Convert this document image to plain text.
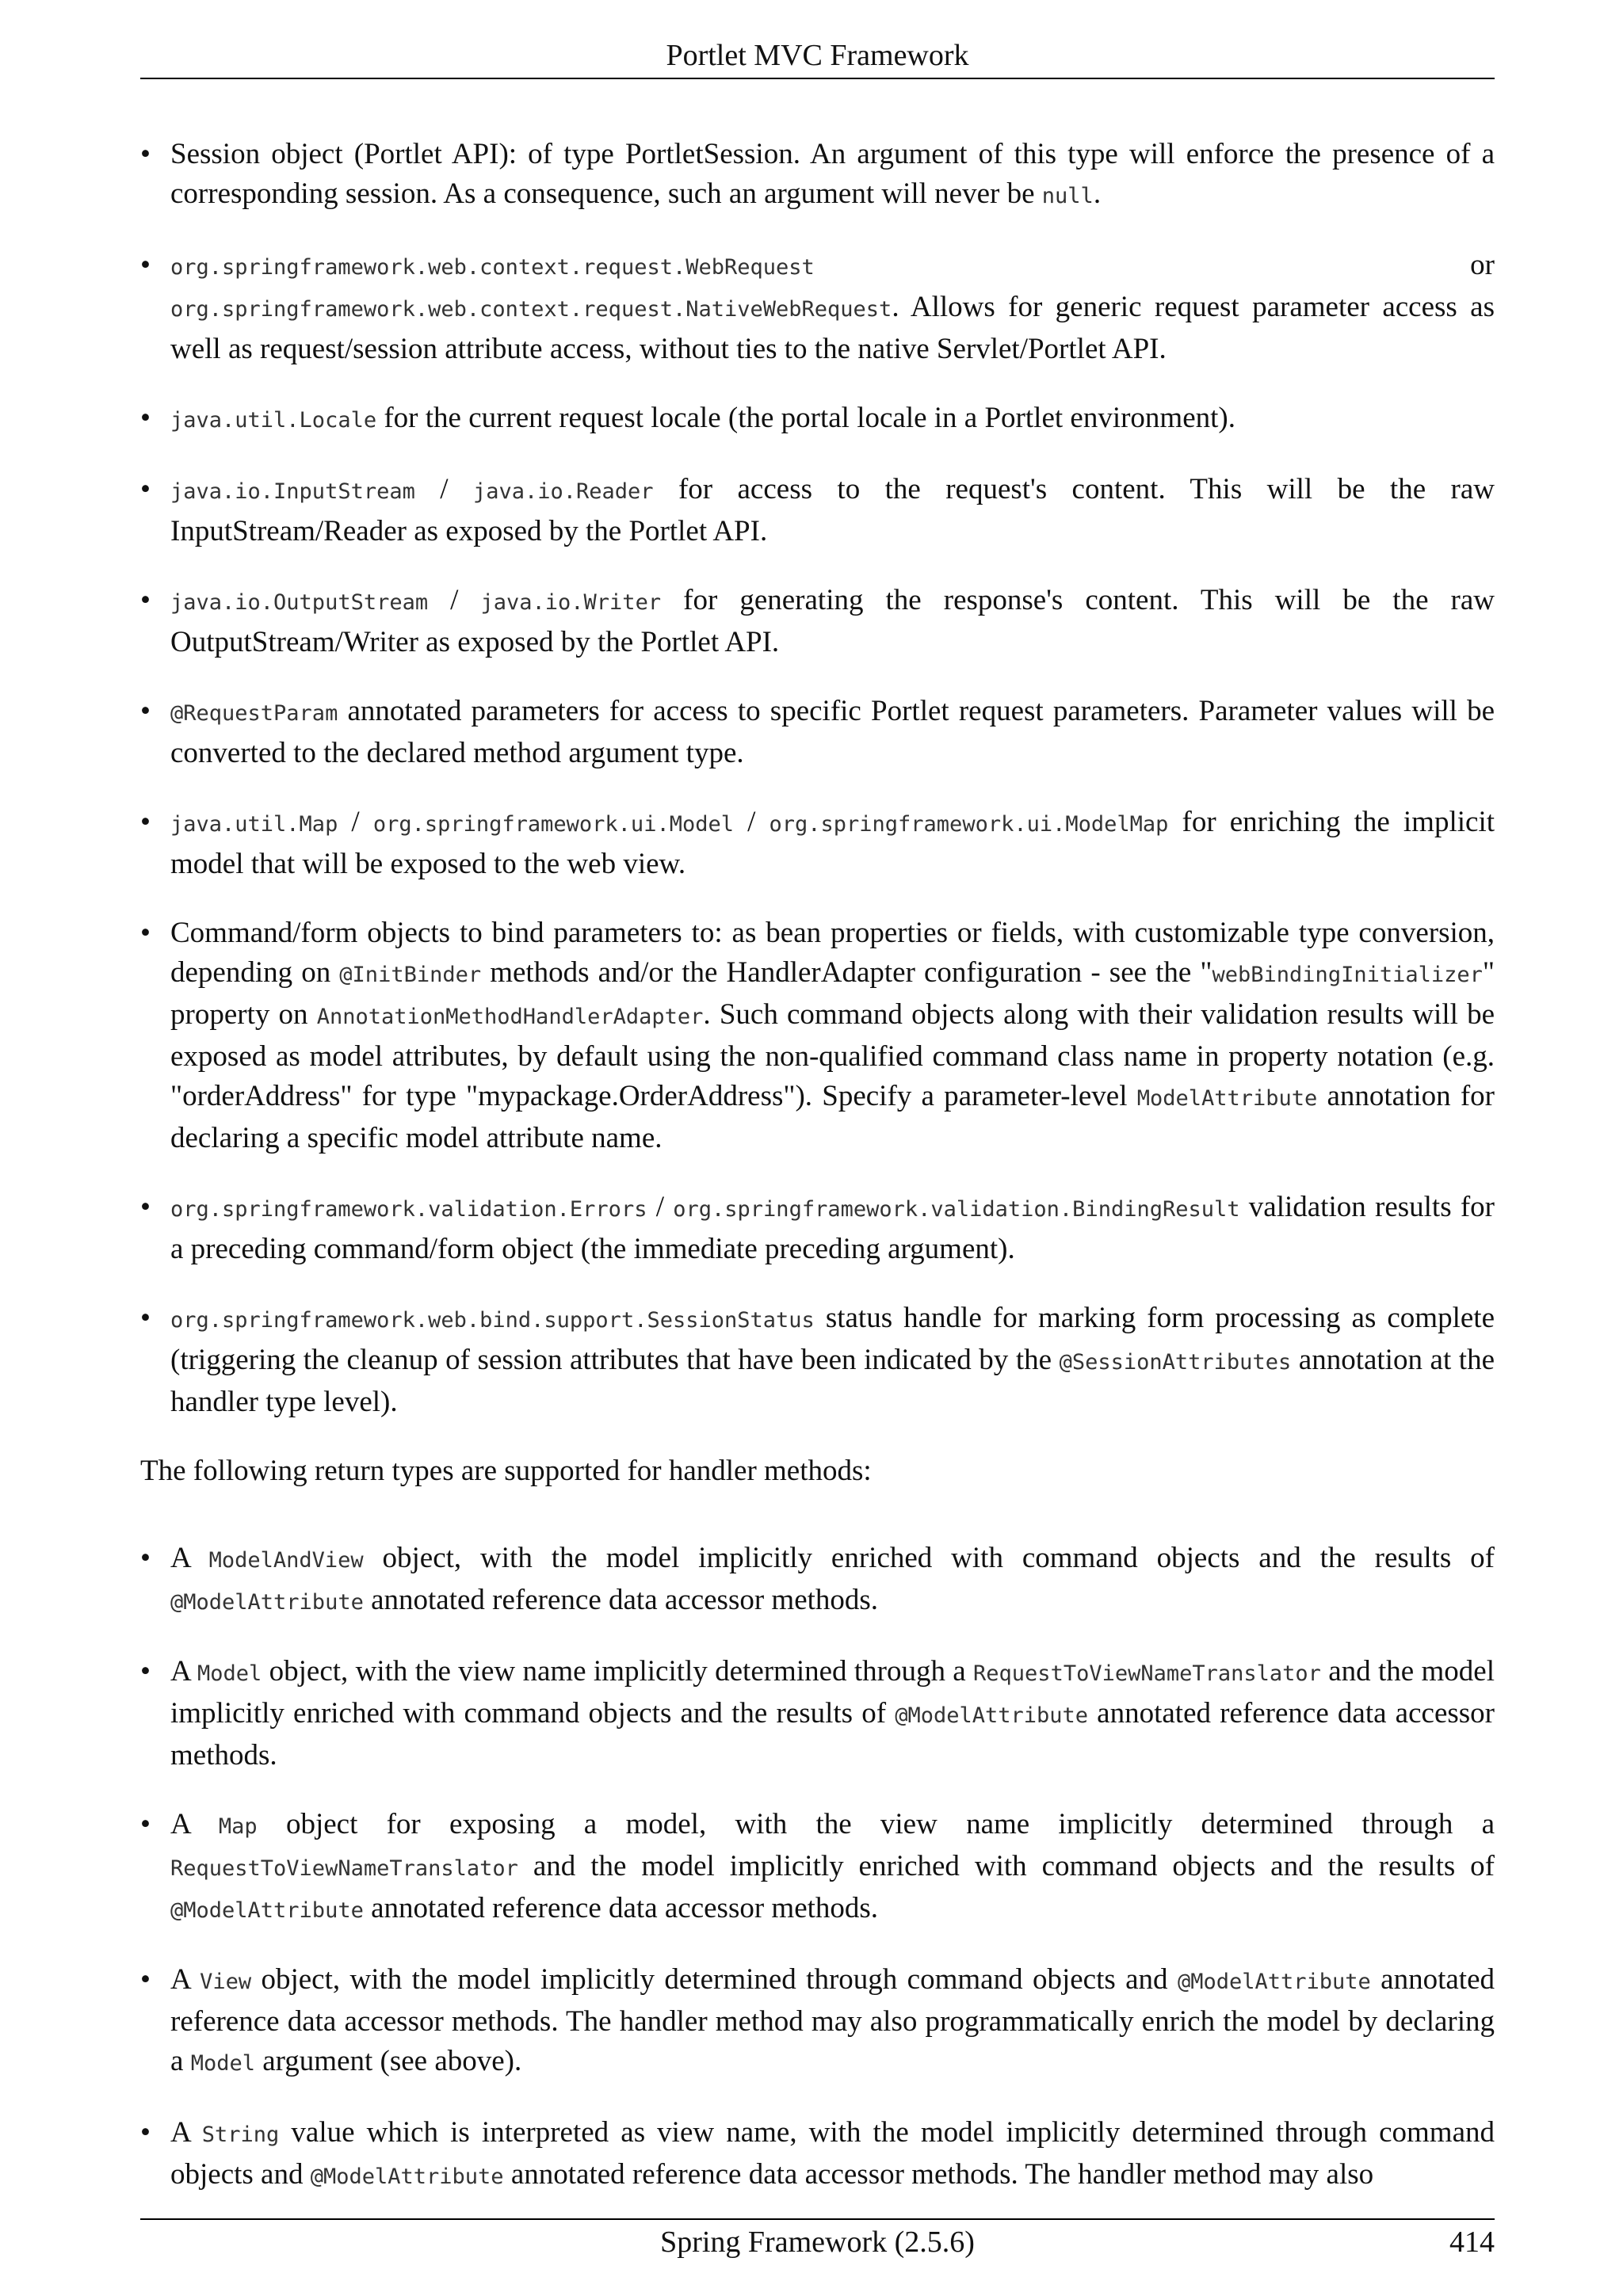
Portlet MVC Framework
• Session object (Portlet API): of type PortletSession. An argument of this type will enforce the presence of a corresponding session. As a consequence, such an argument will never be null.
• org.springframework.web.context.request.WebRequest or org.springframework.web.context.request.NativeWebRequest. Allows for generic request parameter access as well as request/session attribute access, without ties to the native Servlet/Portlet API.
• java.util.Locale for the current request locale (the portal locale in a Portlet environment).
• java.io.InputStream / java.io.Reader for access to the request's content. This will be the raw InputStream/Reader as exposed by the Portlet API.
• java.io.OutputStream / java.io.Writer for generating the response's content. This will be the raw OutputStream/Writer as exposed by the Portlet API.
• @RequestParam annotated parameters for access to specific Portlet request parameters. Parameter values will be converted to the declared method argument type.
• java.util.Map / org.springframework.ui.Model / org.springframework.ui.ModelMap for enriching the implicit model that will be exposed to the web view.
• Command/form objects to bind parameters to: as bean properties or fields, with customizable type conversion, depending on @InitBinder methods and/or the HandlerAdapter configuration - see the "webBindingInitializer" property on AnnotationMethodHandlerAdapter. Such command objects along with their validation results will be exposed as model attributes, by default using the non-qualified command class name in property notation (e.g. "orderAddress" for type "mypackage.OrderAddress"). Specify a parameter-level ModelAttribute annotation for declaring a specific model attribute name.
• org.springframework.validation.Errors / org.springframework.validation.BindingResult validation results for a preceding command/form object (the immediate preceding argument).
• org.springframework.web.bind.support.SessionStatus status handle for marking form processing as complete (triggering the cleanup of session attributes that have been indicated by the @SessionAttributes annotation at the handler type level).
The following return types are supported for handler methods:
• A ModelAndView object, with the model implicitly enriched with command objects and the results of @ModelAttribute annotated reference data accessor methods.
• A Model object, with the view name implicitly determined through a RequestToViewNameTranslator and the model implicitly enriched with command objects and the results of @ModelAttribute annotated reference data accessor methods.
• A Map object for exposing a model, with the view name implicitly determined through a RequestToViewNameTranslator and the model implicitly enriched with command objects and the results of @ModelAttribute annotated reference data accessor methods.
• A View object, with the model implicitly determined through command objects and @ModelAttribute annotated reference data accessor methods. The handler method may also programmatically enrich the model by declaring a Model argument (see above).
• A String value which is interpreted as view name, with the model implicitly determined through command objects and @ModelAttribute annotated reference data accessor methods. The handler method may also
Spring Framework (2.5.6)	414
